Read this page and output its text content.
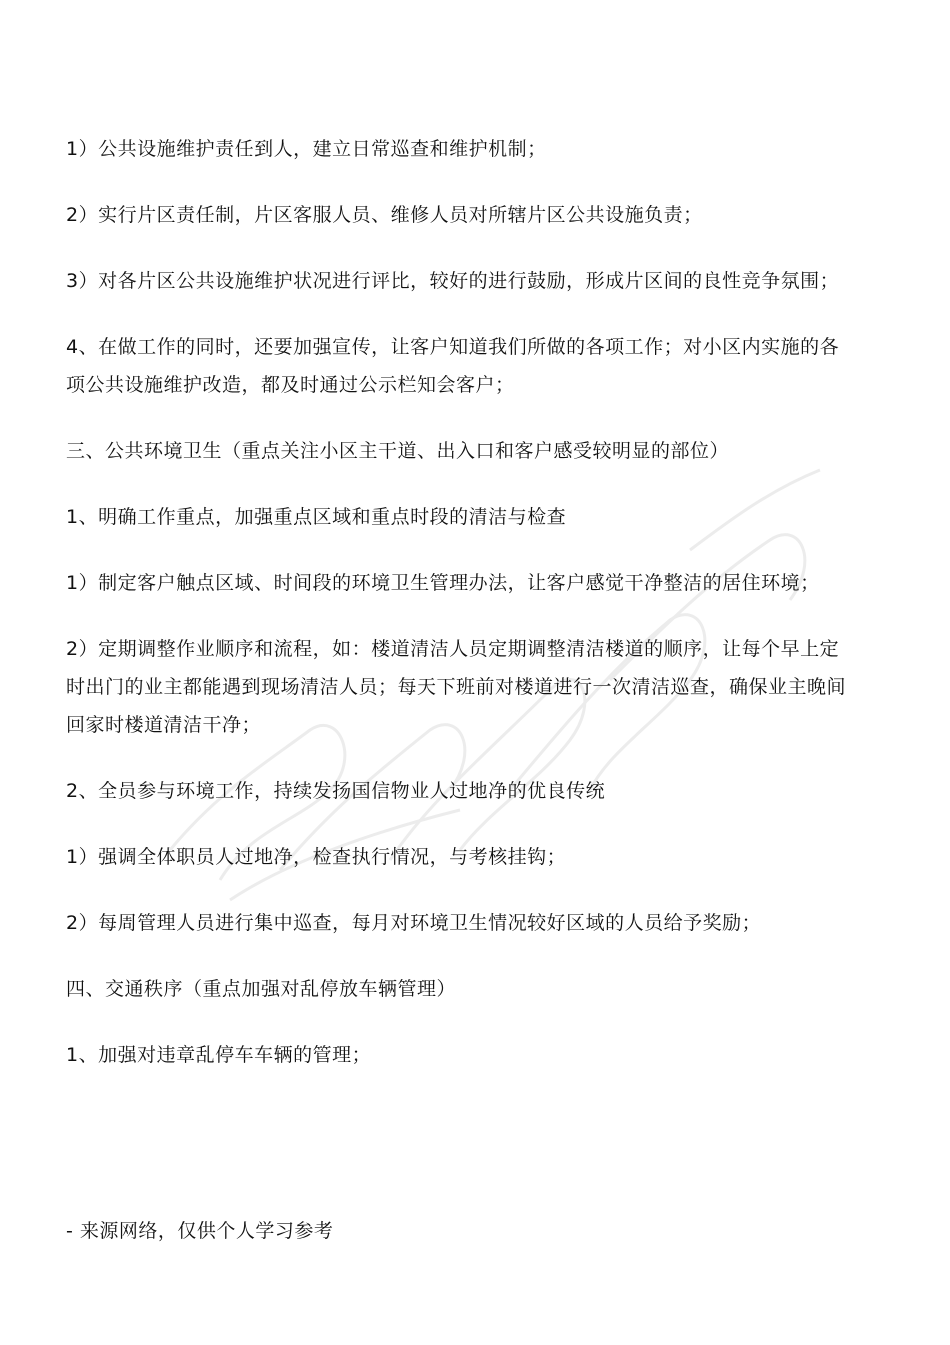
1）公共设施维护责任到人，建立日常巡查和维护机制；

2）实行片区责任制，片区客服人员、维修人员对所辖片区公共设施负责；

3）对各片区公共设施维护状况进行评比，较好的进行鼓励，形成片区间的良性竞争氛围；

4、在做工作的同时，还要加强宣传，让客户知道我们所做的各项工作；对小区内实施的各项公共设施维护改造，都及时通过公示栏知会客户；

三、公共环境卫生（重点关注小区主干道、出入口和客户感受较明显的部位）

1、明确工作重点，加强重点区域和重点时段的清洁与检查

1）制定客户触点区域、时间段的环境卫生管理办法，让客户感觉干净整洁的居住环境；

2）定期调整作业顺序和流程，如：楼道清洁人员定期调整清洁楼道的顺序，让每个早上定时出门的业主都能遇到现场清洁人员；每天下班前对楼道进行一次清洁巡查，确保业主晚间回家时楼道清洁干净；

2、全员参与环境工作，持续发扬国信物业人过地净的优良传统

1）强调全体职员人过地净，检查执行情况，与考核挂钩；

2）每周管理人员进行集中巡查，每月对环境卫生情况较好区域的人员给予奖励；

四、交通秩序（重点加强对乱停放车辆管理）

1、加强对违章乱停车车辆的管理；

- 来源网络，仅供个人学习参考
